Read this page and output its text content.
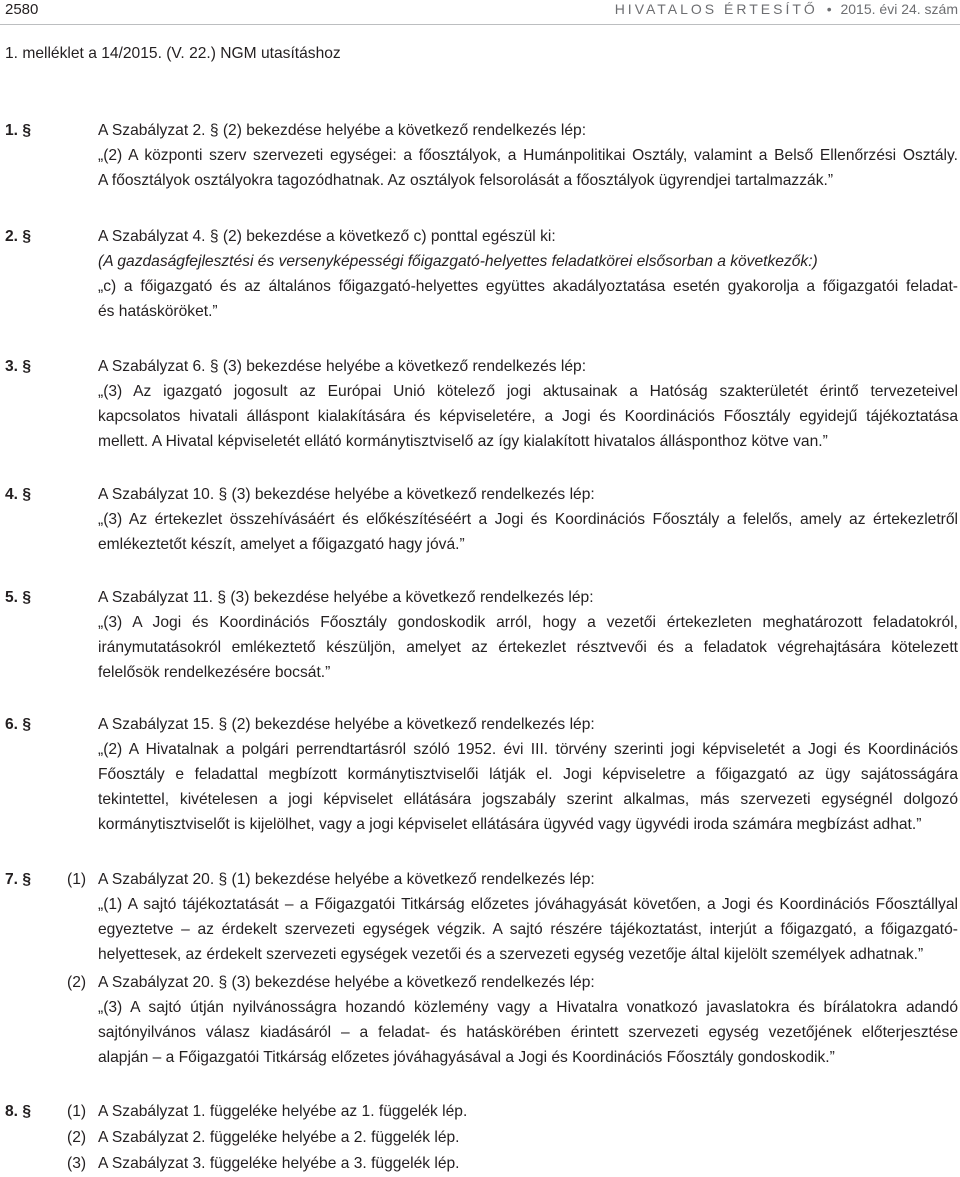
2580	HIVATALOS ÉRTESÍTŐ • 2015. évi 24. szám
1. melléklet a 14/2015. (V. 22.) NGM utasításhoz
1. §	A Szabályzat 2. § (2) bekezdése helyébe a következő rendelkezés lép:
„(2) A központi szerv szervezeti egységei: a főosztályok, a Humánpolitikai Osztály, valamint a Belső Ellenőrzési Osztály.
A főosztályok osztályokra tagozódhatnak. Az osztályok felsorolását a főosztályok ügyrendjei tartalmazzák.”
2. §	A Szabályzat 4. § (2) bekezdése a következő c) ponttal egészül ki:
(A gazdaságfejlesztési és versenyképességi főigazgató-helyettes feladatkörei elsősorban a következők:)
„c) a főigazgató és az általános főigazgató-helyettes együttes akadályoztatása esetén gyakorolja a főigazgatói feladat-
és hatásköröket.”
3. §	A Szabályzat 6. § (3) bekezdése helyébe a következő rendelkezés lép:
„(3) Az igazgató jogosult az Európai Unió kötelező jogi aktusainak a Hatóság szakterületét érintő tervezeteivel
kapcsolatos hivatali álláspont kialakítására és képviseletére, a Jogi és Koordinációs Főosztály egyidejű tájékoztatása
mellett. A Hivatal képviseletét ellátó kormánytisztviselő az így kialakított hivatalos állásponthoz kötve van.”
4. §	A Szabályzat 10. § (3) bekezdése helyébe a következő rendelkezés lép:
„(3) Az értekezlet összehívásáért és előkészítéséért a Jogi és Koordinációs Főosztály a felelős, amely az értekezletről
emlékeztetőt készít, amelyet a főigazgató hagy jóvá.”
5. §	A Szabályzat 11. § (3) bekezdése helyébe a következő rendelkezés lép:
„(3) A Jogi és Koordinációs Főosztály gondoskodik arról, hogy a vezetői értekezleten meghatározott feladatokról,
iránymutatásokról emlékeztető készüljön, amelyet az értekezlet résztvevői és a feladatok végrehajtására kötelezett
felelősök rendelkezésére bocsát.”
6. §	A Szabályzat 15. § (2) bekezdése helyébe a következő rendelkezés lép:
„(2) A Hivatalnak a polgári perrendtartásról szóló 1952. évi III. törvény szerinti jogi képviseletét a Jogi és Koordinációs
Főosztály e feladattal megbízott kormánytisztviselői látják el. Jogi képviseletre a főigazgató az ügy sajátosságára
tekintettel, kivételesen a jogi képviselet ellátására jogszabály szerint alkalmas, más szervezeti egységnél dolgozó
kormánytisztviselőt is kijelölhet, vagy a jogi képviselet ellátására ügyvéd vagy ügyvédi iroda számára megbízást adhat.”
7. § (1) A Szabályzat 20. § (1) bekezdése helyébe a következő rendelkezés lép:
„(1) A sajtó tájékoztatását – a Főigazgatói Titkárság előzetes jóváhagyását követően, a Jogi és Koordinációs Főosztállyal
egyeztetve – az érdekelt szervezeti egységek végzik. A sajtó részére tájékoztatást, interjút a főigazgató, a főigazgató-
helyettesek, az érdekelt szervezeti egységek vezetői és a szervezeti egység vezetője által kijelölt személyek adhatnak.”
(2) A Szabályzat 20. § (3) bekezdése helyébe a következő rendelkezés lép:
„(3) A sajtó útján nyilvánosságra hozandó közlemény vagy a Hivatalra vonatkozó javaslatokra és bírálatokra adandó
sajtónyilvános válasz kiadásáról – a feladat- és hatáskörében érintett szervezeti egység vezetőjének előterjesztése
alapján – a Főigazgatói Titkárság előzetes jóváhagyásával a Jogi és Koordinációs Főosztály gondoskodik.”
8. § (1) A Szabályzat 1. függeléke helyébe az 1. függelék lép.
(2) A Szabályzat 2. függeléke helyébe a 2. függelék lép.
(3) A Szabályzat 3. függeléke helyébe a 3. függelék lép.
